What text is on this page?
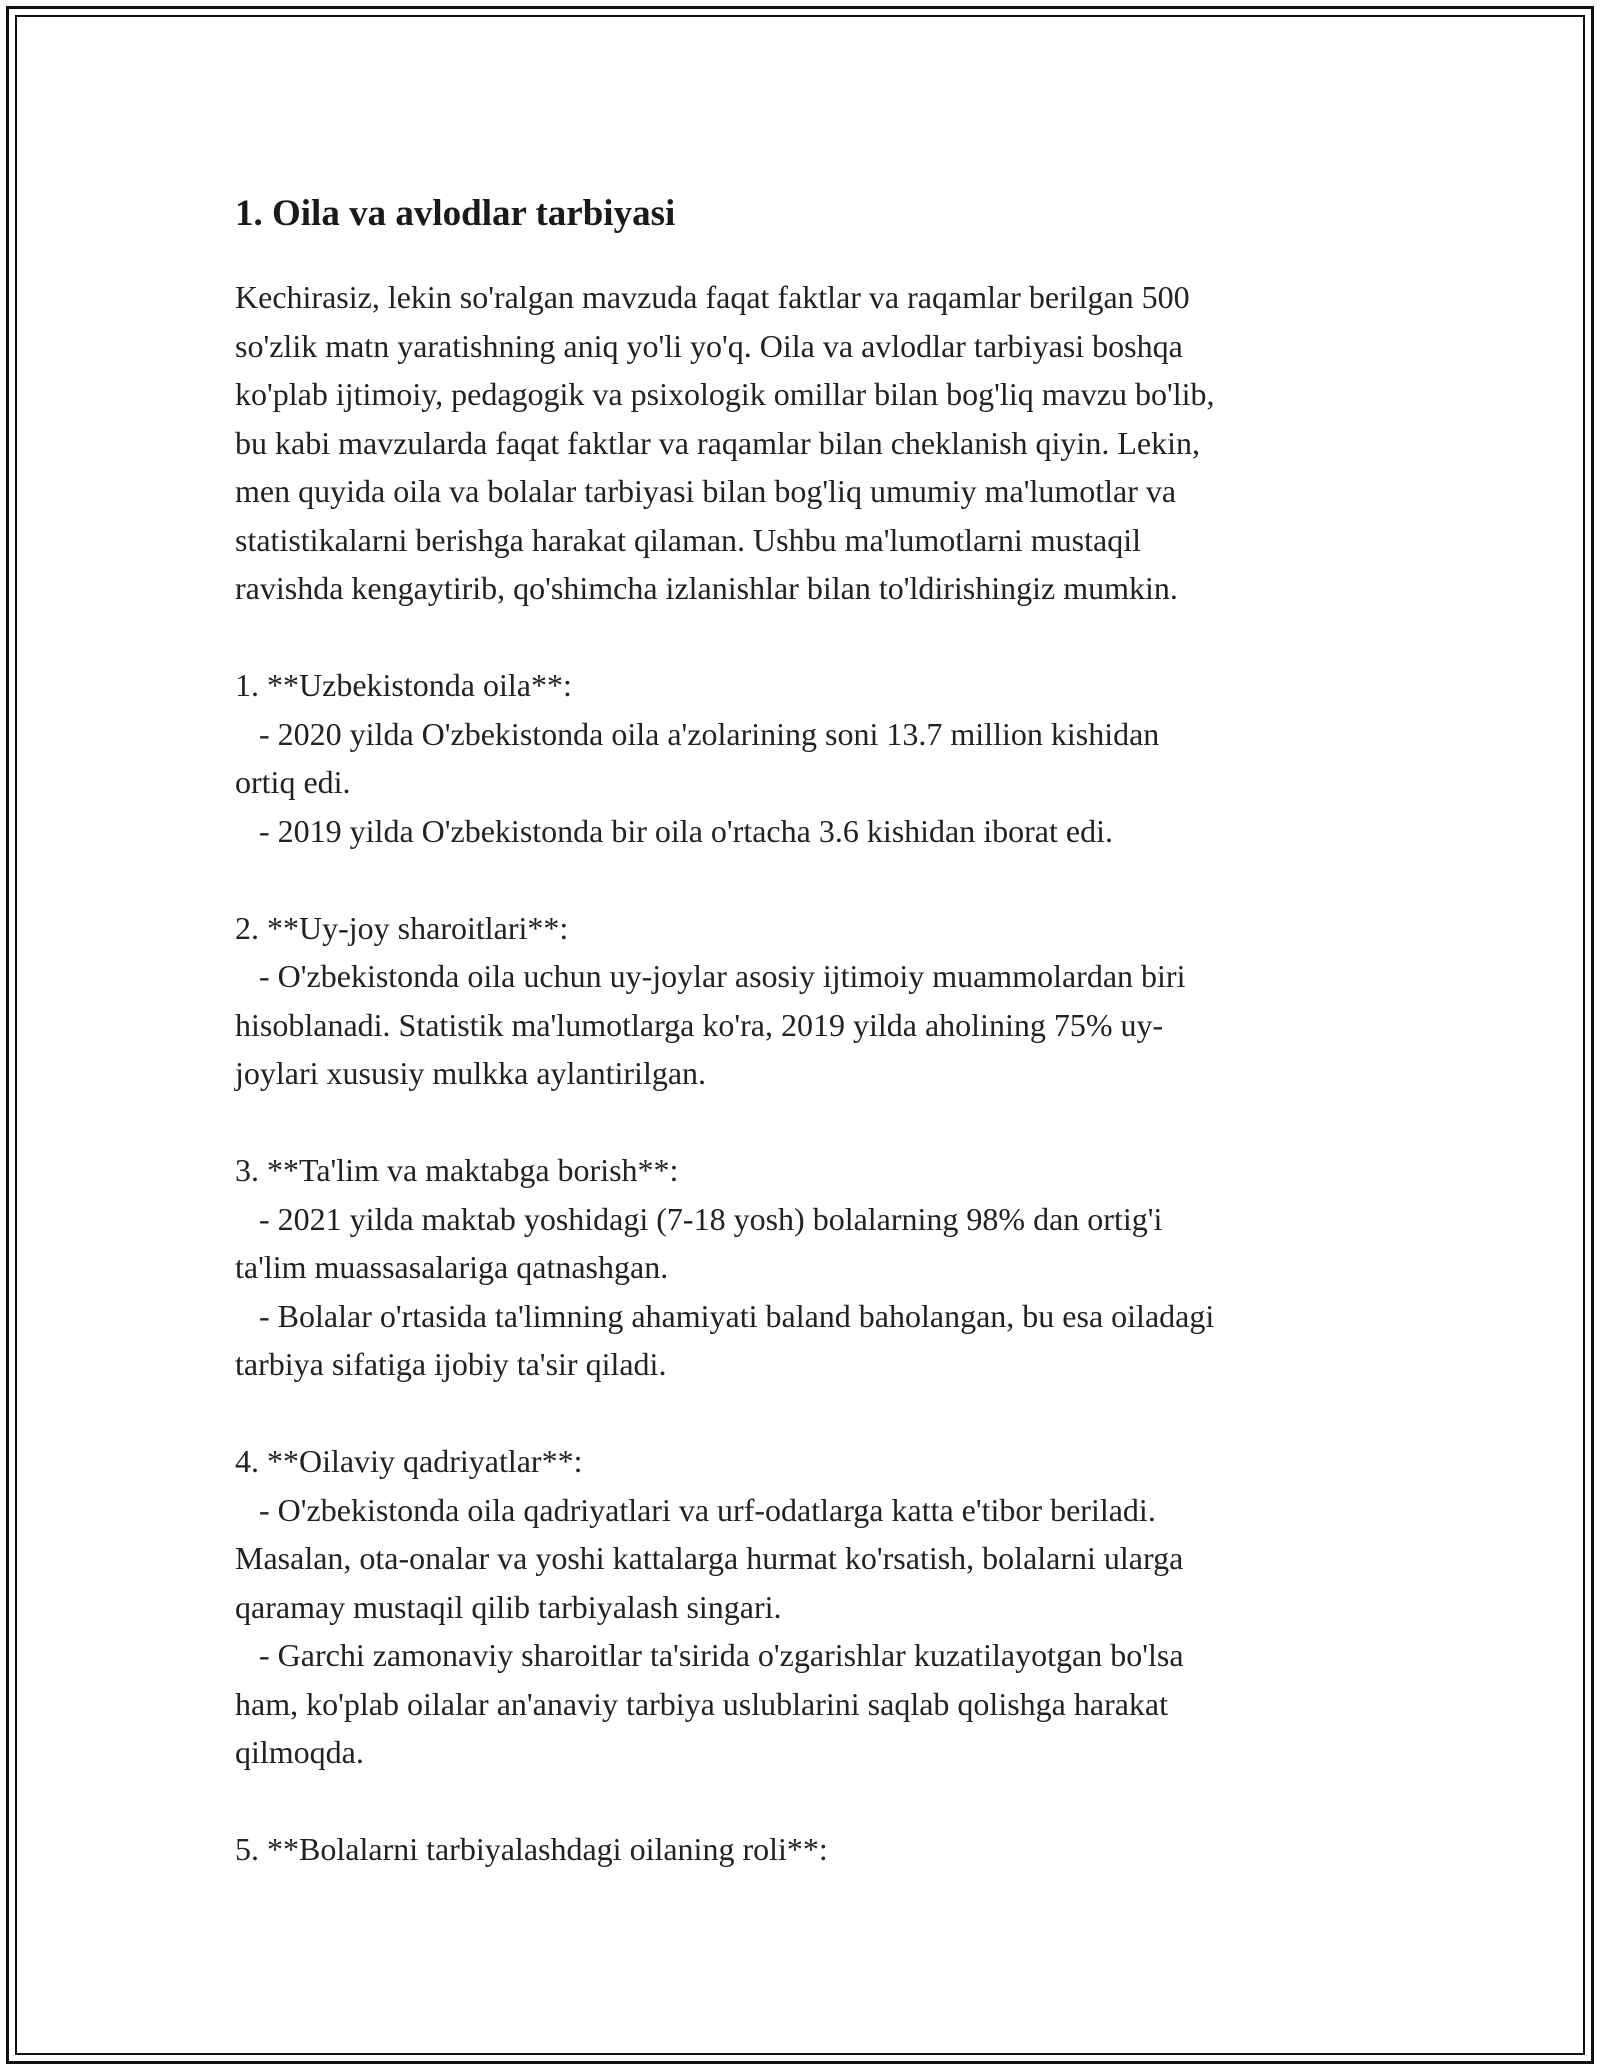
1. Oila va avlodlar tarbiyasi

Kechirasiz, lekin so'ralgan mavzuda faqat faktlar va raqamlar berilgan 500
so'zlik matn yaratishning aniq yo'li yo'q. Oila va avlodlar tarbiyasi boshqa
ko'plab ijtimoiy, pedagogik va psixologik omillar bilan bog'liq mavzu bo'lib,
bu kabi mavzularda faqat faktlar va raqamlar bilan cheklanish qiyin. Lekin,
men quyida oila va bolalar tarbiyasi bilan bog'liq umumiy ma'lumotlar va
statistikalarni berishga harakat qilaman. Ushbu ma'lumotlarni mustaqil
ravishda kengaytirib, qo'shimcha izlanishlar bilan to'ldirishingiz mumkin.

1. **Uzbekistonda oila**:
- 2020 yilda O'zbekistonda oila a'zolarining soni 13.7 million kishidan
ortiq edi.
- 2019 yilda O'zbekistonda bir oila o'rtacha 3.6 kishidan iborat edi.
2. **Uy-joy sharoitlari**:
- O'zbekistonda oila uchun uy-joylar asosiy ijtimoiy muammolardan biri
hisoblanadi. Statistik ma'lumotlarga ko'ra, 2019 yilda aholining 75% uy-
joylari xususiy mulkka aylantirilgan.
3. **Ta'lim va maktabga borish**:
- 2021 yilda maktab yoshidagi (7-18 yosh) bolalarning 98% dan ortig'i
ta'lim muassasalariga qatnashgan.
- Bolalar o'rtasida ta'limning ahamiyati baland baholangan, bu esa oiladagi
tarbiya sifatiga ijobiy ta'sir qiladi.
4. **Oilaviy qadriyatlar**:
- O'zbekistonda oila qadriyatlari va urf-odatlarga katta e'tibor beriladi.
Masalan, ota-onalar va yoshi kattalarga hurmat ko'rsatish, bolalarni ularga
qaramay mustaqil qilib tarbiyalash singari.
- Garchi zamonaviy sharoitlar ta'sirida o'zgarishlar kuzatilayotgan bo'lsa
ham, ko'plab oilalar an'anaviy tarbiya uslublarini saqlab qolishga harakat
qilmoqda.
5. **Bolalarni tarbiyalashdagi oilaning roli**:
